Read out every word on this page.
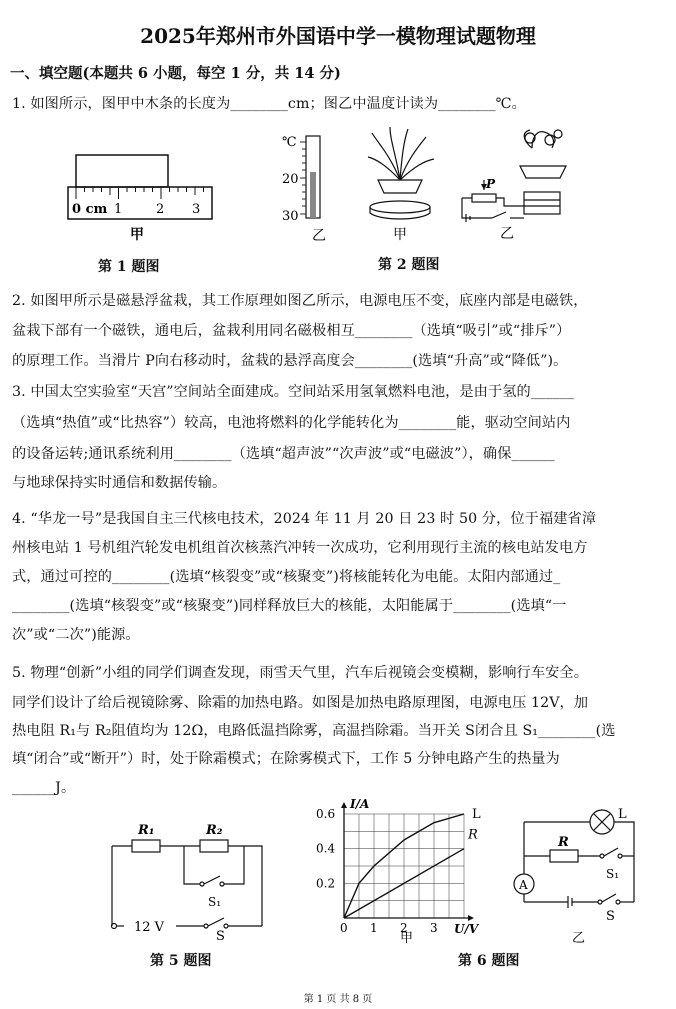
2025年郑州市外国语中学一模物理试题物理
一、填空题(本题共 6 小题，每空 1 分，共 14 分)
1. 如图所示，图甲中木条的长度为________cm；图乙中温度计读为________℃。
0 cm 1	2 3
甲
第 1 题图
℃
20
30
乙	甲
P
乙
第 2 题图
2. 如图甲所示是磁悬浮盆栽，其工作原理如图乙所示，电源电压不变，底座内部是电磁铁，
盆栽下部有一个磁铁，通电后，盆栽利用同名磁极相互________（选填“吸引”或“排斥”）
的原理工作。当滑片 P向右移动时，盆栽的悬浮高度会________(选填“升高”或“降低”)。
3. 中国太空实验室“天宫”空间站全面建成。空间站采用氢氧燃料电池，是由于氢的______
（选填“热值”或“比热容”）较高，电池将燃料的化学能转化为________能，驱动空间站内
的设备运转;通讯系统利用________（选填“超声波”“次声波”或“电磁波”），确保______
与地球保持实时通信和数据传输。
4. “华龙一号”是我国自主三代核电技术，2024 年 11 月 20 日 23 时 50 分，位于福建省漳
州核电站 1 号机组汽轮发电机组首次核蒸汽冲转一次成功，它利用现行主流的核电站发电方
式，通过可控的________(选填“核裂变”或“核聚变”)将核能转化为电能。太阳内部通过_
________(选填“核裂变”或“核聚变”)同样释放巨大的核能，太阳能属于________(选填“一
次”或“二次”)能源。
5. 物理“创新”小组的同学们调查发现，雨雪天气里，汽车后视镜会变模糊，影响行车安全。
同学们设计了给后视镜除雾、除霜的加热电路。如图是加热电路原理图，电源电压 12V，加
热电阻 R₁与 R₂阻值均为 12Ω，电路低温挡除雾，高温挡除霜。当开关 S闭合且 S₁________(选
填“闭合”或“断开”）时，处于除霜模式；在除雾模式下，工作 5 分钟电路产生的热量为
______J。
R₁	R₂
S₁
12 V
S
第 5 题图
L
R
I/A
U/V
0.2
0.4
0.6
0 1 2 3
甲
L
R
A
S₁
S
乙
第 6 题图
第 1 页 共 8 页
